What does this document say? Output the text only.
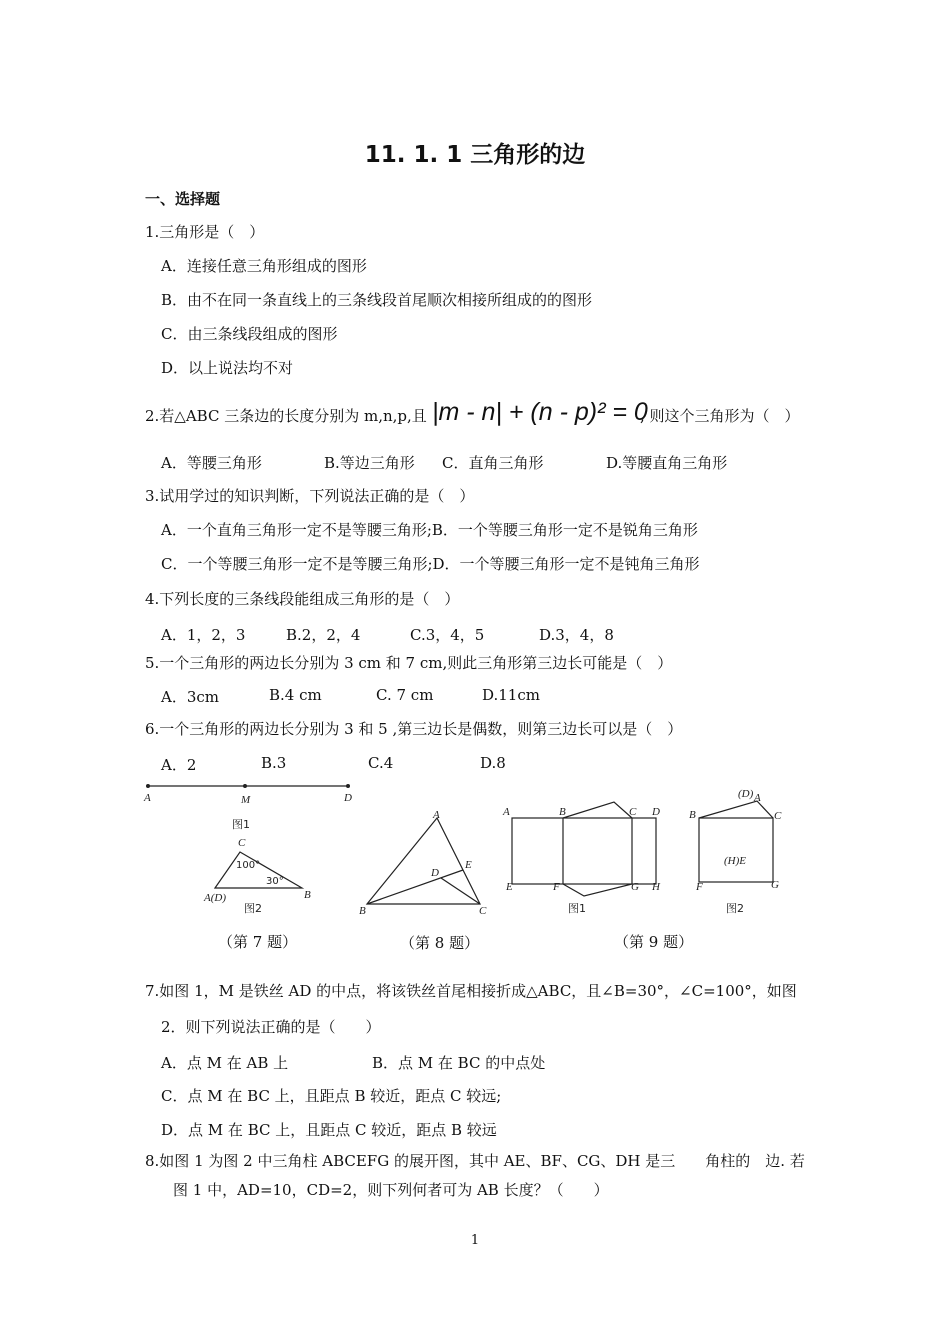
11. 1. 1 三角形的边
一、选择题
1.三角形是（　）
A．连接任意三角形组成的图形
B．由不在同一条直线上的三条线段首尾顺次相接所组成的的图形
C．由三条线段组成的图形
D．以上说法均不对
2.若△ABC 三条边的长度分别为 m,n,p,且 |m - n| + (n - p)² = 0
, 则这个三角形为（　）
A．等腰三角形	B.等边三角形 C．直角三角形	D.等腰直角三角形
3.试用学过的知识判断，下列说法正确的是（　）
A．一个直角三角形一定不是等腰三角形;B．一个等腰三角形一定不是锐角三角形
C．一个等腰三角形一定不是等腰三角形;D．一个等腰三角形一定不是钝角三角形
4.下列长度的三条线段能组成三角形的是（　）
A．1，2，3	B.2，2，4	C.3，4，5	D.3，4，8
5.一个三角形的两边长分别为 3 cm 和 7 cm,则此三角形第三边长可能是（　）
A．3cm	B.4 cm	C. 7 cm	D.11cm
6.一个三角形的两边长分别为 3 和 5 ,第三边长是偶数，则第三边长可以是（　）
A．2	B.3	C.4	D.8
A	M	D
图1
C
A(D)	B
100°
30°
图2
（第 7 题）
A
B	C
D
E
（第 8 题）
A	B	C D
E	F	G H
图1
(D) A
B	C
(H)E
F	G
图2
（第 9 题）
7.如图 1，M 是铁丝 AD 的中点，将该铁丝首尾相接折成△ABC，且∠B=30°，∠C=100°，如图
2．则下列说法正确的是（　　）
A．点 M 在 AB 上	B．点 M 在 BC 的中点处
C．点 M 在 BC 上，且距点 B 较近，距点 C 较远;
D．点 M 在 BC 上，且距点 C 较近，距点 B 较远
8.如图 1 为图 2 中三角柱 ABCEFG 的展开图，其中 AE、BF、CG、DH 是三　　角柱的　边. 若
图 1 中，AD=10，CD=2，则下列何者可为 AB 长度？（　　）
1
